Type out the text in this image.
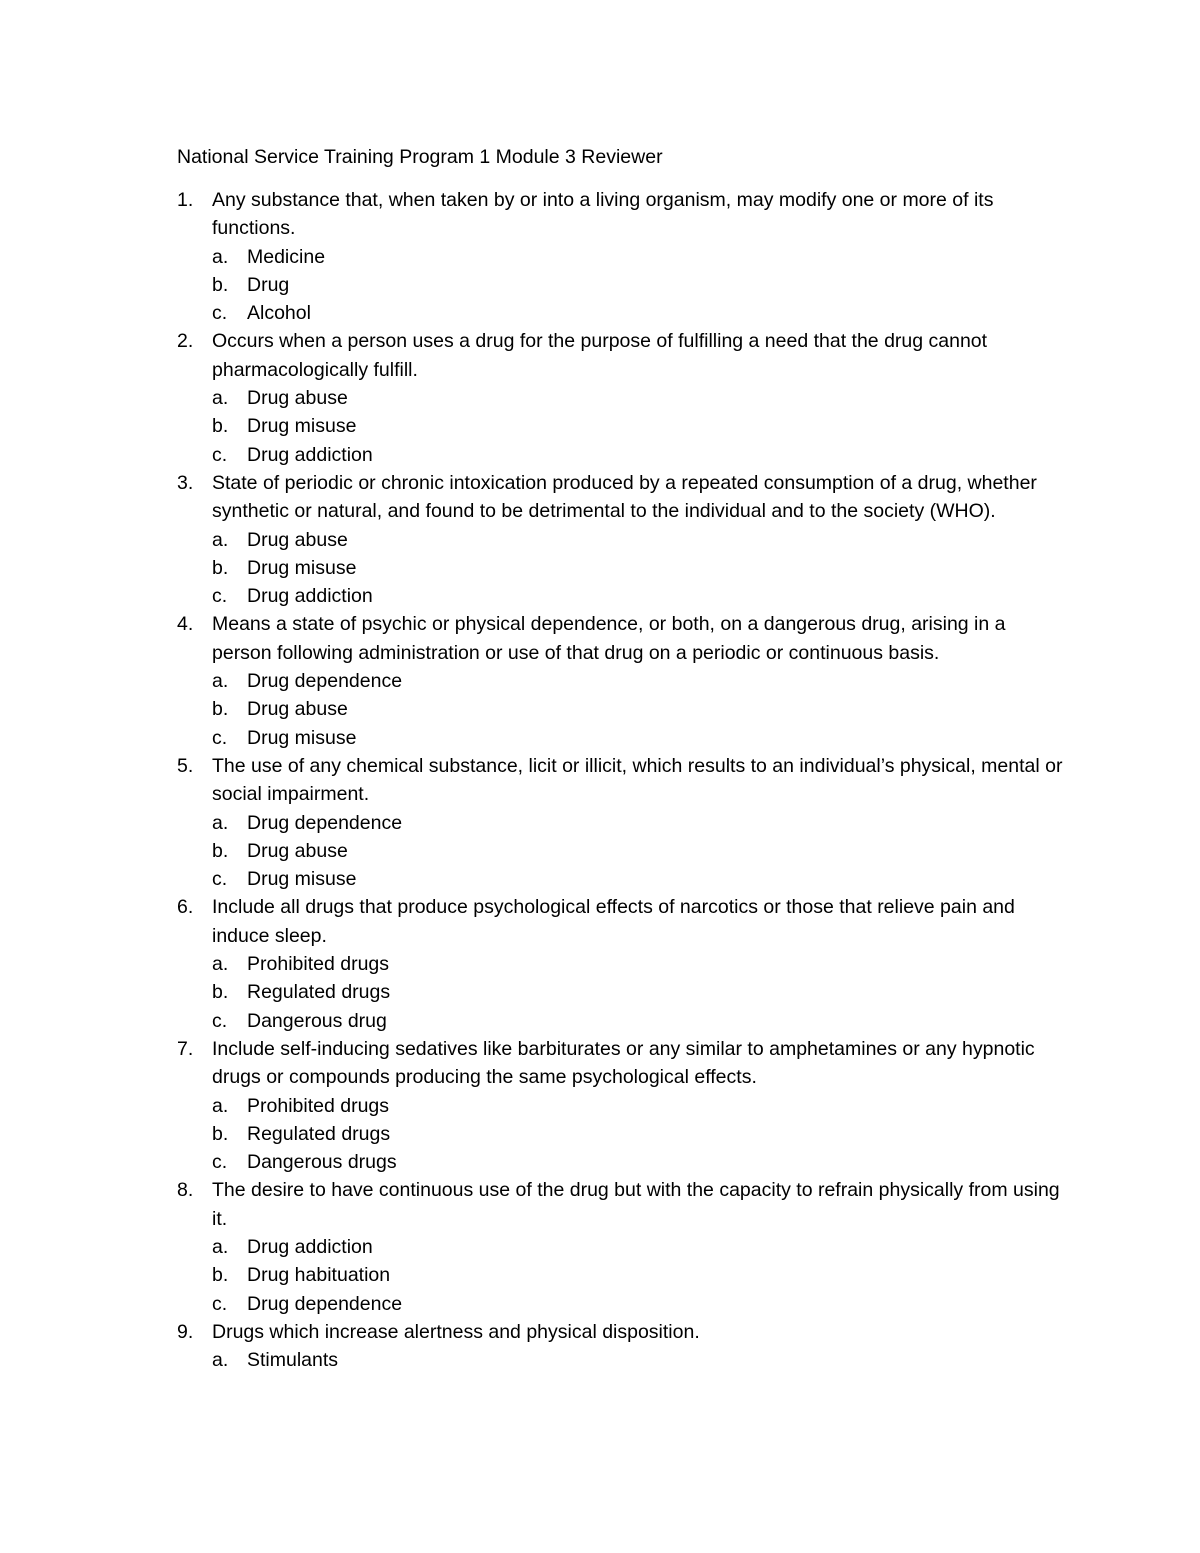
National Service Training Program 1 Module 3 Reviewer
1. Any substance that, when taken by or into a living organism, may modify one or more of its functions.
a. Medicine
b. Drug
c. Alcohol
2. Occurs when a person uses a drug for the purpose of fulfilling a need that the drug cannot pharmacologically fulfill.
a. Drug abuse
b. Drug misuse
c. Drug addiction
3. State of periodic or chronic intoxication produced by a repeated consumption of a drug, whether synthetic or natural, and found to be detrimental to the individual and to the society (WHO).
a. Drug abuse
b. Drug misuse
c. Drug addiction
4. Means a state of psychic or physical dependence, or both, on a dangerous drug, arising in a person following administration or use of that drug on a periodic or continuous basis.
a. Drug dependence
b. Drug abuse
c. Drug misuse
5. The use of any chemical substance, licit or illicit, which results to an individual’s physical, mental or social impairment.
a. Drug dependence
b. Drug abuse
c. Drug misuse
6. Include all drugs that produce psychological effects of narcotics or those that relieve pain and induce sleep.
a. Prohibited drugs
b. Regulated drugs
c. Dangerous drug
7. Include self-inducing sedatives like barbiturates or any similar to amphetamines or any hypnotic drugs or compounds producing the same psychological effects.
a. Prohibited drugs
b. Regulated drugs
c. Dangerous drugs
8. The desire to have continuous use of the drug but with the capacity to refrain physically from using it.
a. Drug addiction
b. Drug habituation
c. Drug dependence
9. Drugs which increase alertness and physical disposition.
a. Stimulants
